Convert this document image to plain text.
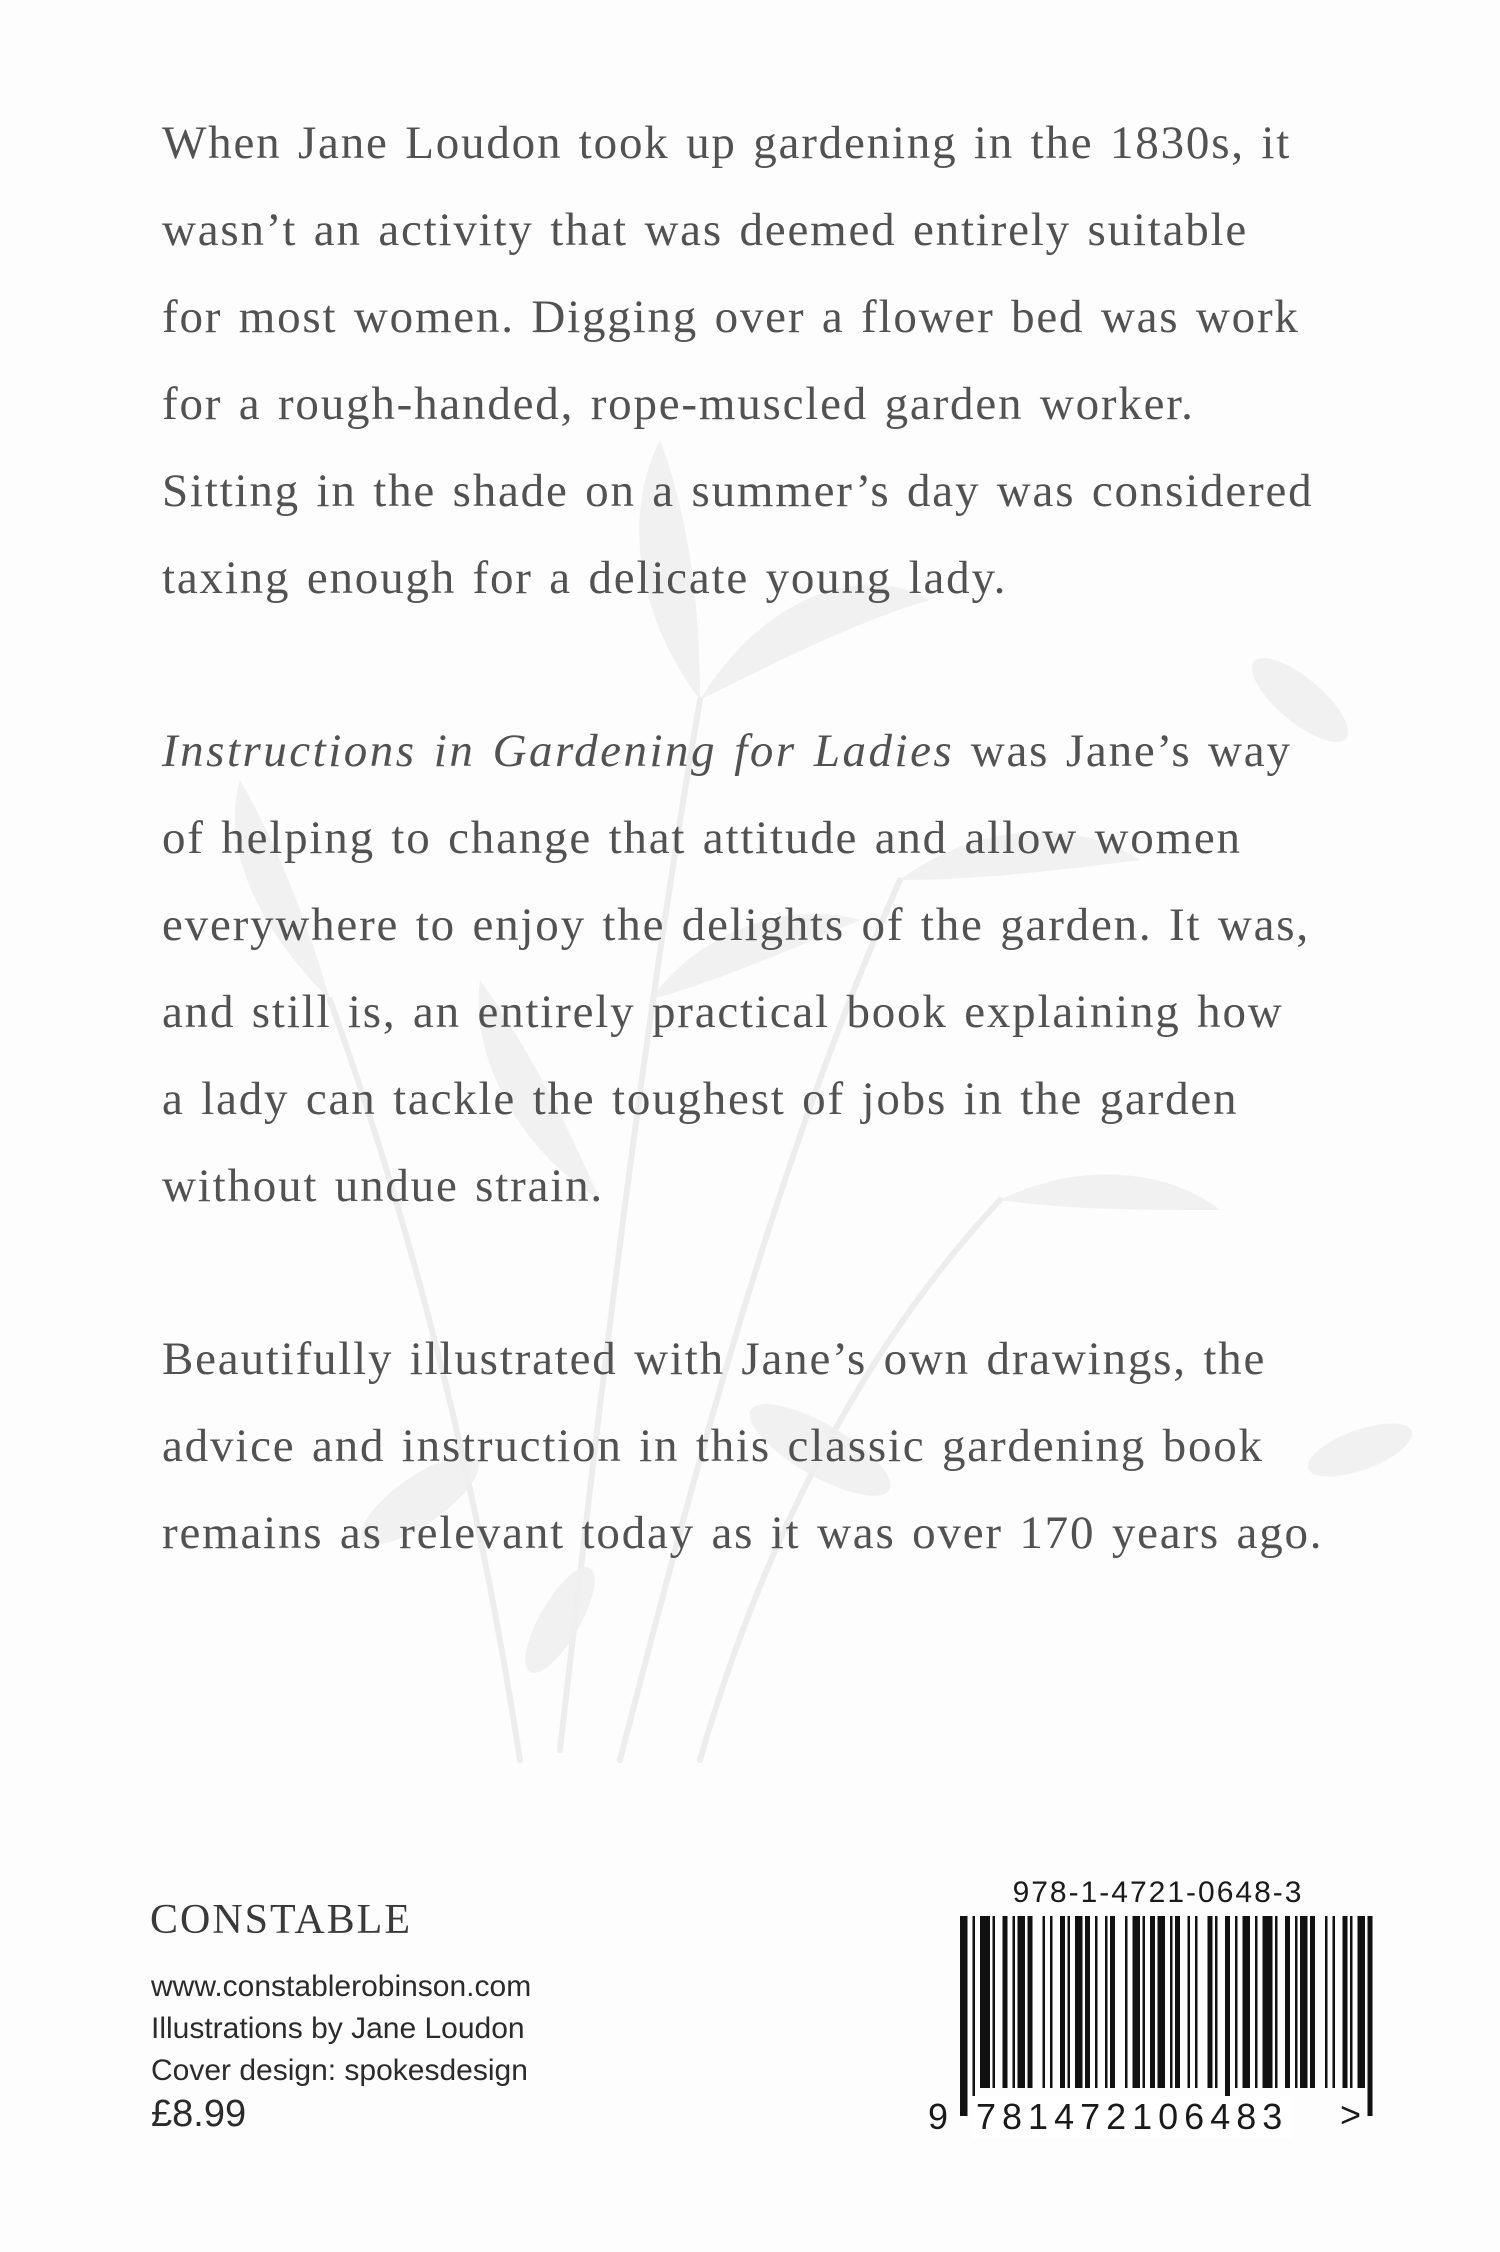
When Jane Loudon took up gardening in the 1830s, it
wasn’t an activity that was deemed entirely suitable
for most women. Digging over a flower bed was work
for a rough-handed, rope-muscled garden worker.
Sitting in the shade on a summer’s day was considered
taxing enough for a delicate young lady.

Instructions in Gardening for Ladies was Jane’s way
of helping to change that attitude and allow women
everywhere to enjoy the delights of the garden. It was,
and still is, an entirely practical book explaining how
a lady can tackle the toughest of jobs in the garden
without undue strain.

Beautifully illustrated with Jane’s own drawings, the
advice and instruction in this classic gardening book
remains as relevant today as it was over 170 years ago.

CONSTABLE
www.constablerobinson.com
Illustrations by Jane Loudon
Cover design: spokesdesign
£8.99
978-1-4721-0648-3
9 781472106483 >
